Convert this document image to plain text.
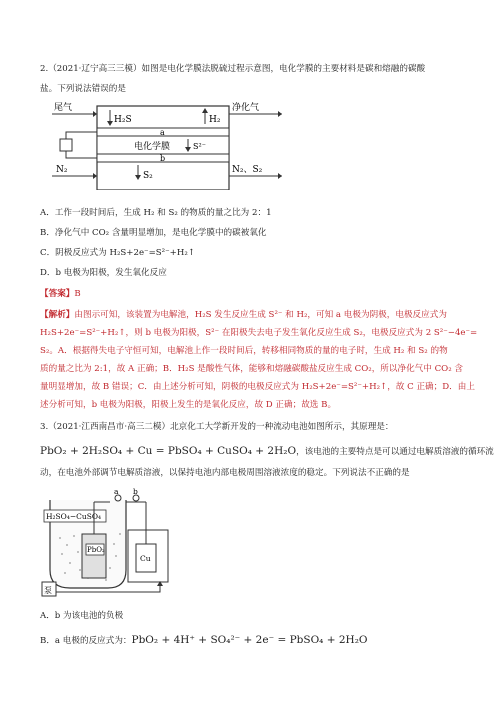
2.（2021·辽宁高三三模）如图是电化学膜法脱硫过程示意图，电化学膜的主要材料是碳和熔融的碳酸
盐。下列说法错误的是
尾气	净化气
H₂S	H₂
a
电化学膜	S²⁻
b
N₂	N₂、S₂
S₂
A．工作一段时间后，生成 H₂ 和 S₂ 的物质的量之比为 2：1
B．净化气中 CO₂ 含量明显增加，是电化学膜中的碳被氧化
C．阴极反应式为 H₂S+2e⁻=S²⁻+H₂↑
D．b 电极为阳极，发生氧化反应
【答案】B
【解析】由图示可知，该装置为电解池，H₂S 发生反应生成 S²⁻ 和 H₂，可知 a 电极为阴极，电极反应式为
H₂S+2e⁻=S²⁻+H₂↑，则 b 电极为阳极，S²⁻ 在阳极失去电子发生氧化反应生成 S₂，电极反应式为 2 S²⁻−4e⁻=
S₂。A．根据得失电子守恒可知，电解池上作一段时间后，转移相同物质的量的电子时，生成 H₂ 和 S₂ 的物
质的量之比为 2:1，故 A 正确；B．H₂S 是酸性气体，能够和熔融碳酸盐反应生成 CO₂，所以净化气中 CO₂ 含
量明显增加，故 B 错误；C．由上述分析可知，阴极的电极反应式为 H₂S+2e⁻=S²⁻+H₂↑，故 C 正确；D．由上
述分析可知，b 电极为阳极，阳极上发生的是氧化反应，故 D 正确；故选 B。
3.（2021·江西南昌市·高三二模）北京化工大学新开发的一种流动电池如图所示，其原理是：
PbO₂ + 2H₂SO₄ + Cu = PbSO₄ + CuSO₄ + 2H₂O，该电池的主要特点是可以通过电解质溶液的循环流
动，在电池外部调节电解质溶液，以保持电池内部电极周围溶液浓度的稳定。下列说法不正确的是
H₂SO₄−CuSO₄
PbO₂
Cu
a b
泵
A．b 为该电池的负极
B．a 电极的反应式为：PbO₂ + 4H⁺ + SO₄²⁻ + 2e⁻ = PbSO₄ + 2H₂O
